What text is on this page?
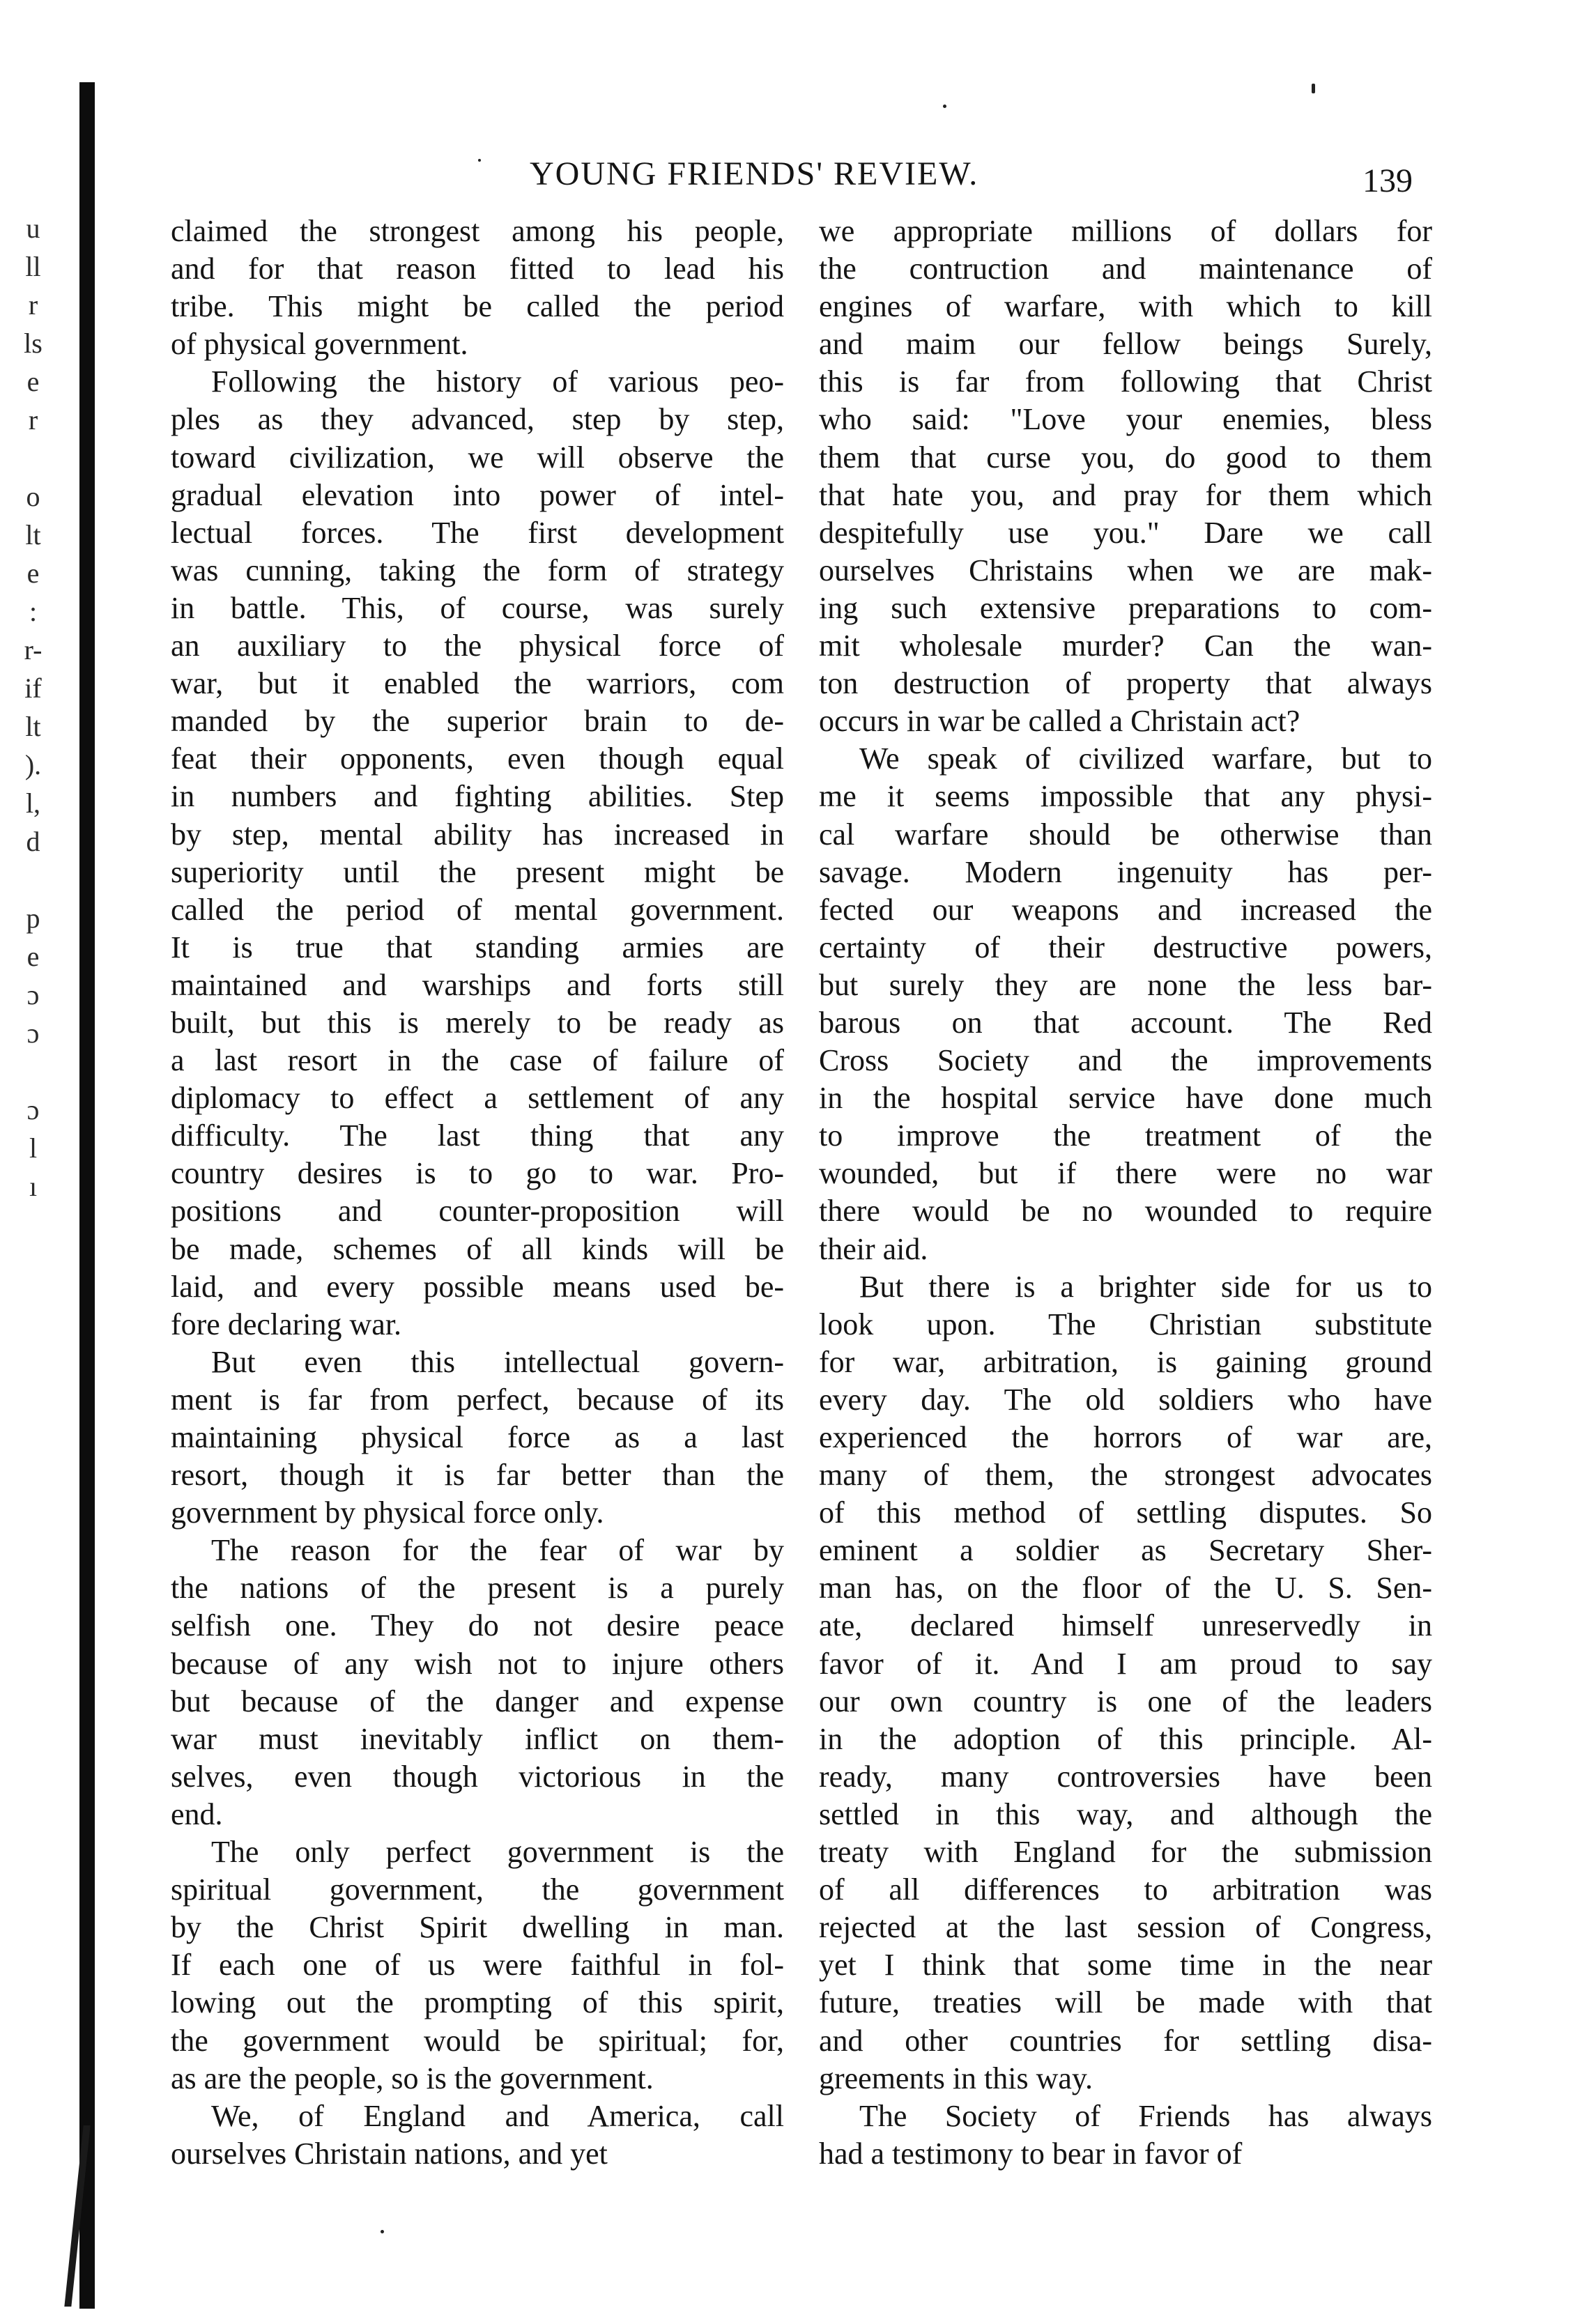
u
ll
r
ls
e
r
o
lt
e
:
r-
if
lt
).
l,
d
p
e
ɔ
ɔ
ɔ
l
ı
YOUNG FRIENDS' REVIEW.	139
claimed the strongest among his people,
and for that reason fitted to lead his
tribe. This might be called the period
of physical government.
Following the history of various peo-
ples as they advanced, step by step,
toward civilization, we will observe the
gradual elevation into power of intel-
lectual forces. The first development
was cunning, taking the form of strategy
in battle. This, of course, was surely
an auxiliary to the physical force of
war, but it enabled the warriors, com
manded by the superior brain to de-
feat their opponents, even though equal
in numbers and fighting abilities. Step
by step, mental ability has increased in
superiority until the present might be
called the period of mental government.
It is true that standing armies are
maintained and warships and forts still
built, but this is merely to be ready as
a last resort in the case of failure of
diplomacy to effect a settlement of any
difficulty. The last thing that any
country desires is to go to war. Pro-
positions and counter-proposition will
be made, schemes of all kinds will be
laid, and every possible means used be-
fore declaring war.
But even this intellectual govern-
ment is far from perfect, because of its
maintaining physical force as a last
resort, though it is far better than the
government by physical force only.
The reason for the fear of war by
the nations of the present is a purely
selfish one. They do not desire peace
because of any wish not to injure others
but because of the danger and expense
war must inevitably inflict on them-
selves, even though victorious in the
end.
The only perfect government is the
spiritual government, the government
by the Christ Spirit dwelling in man.
If each one of us were faithful in fol-
lowing out the prompting of this spirit,
the government would be spiritual; for,
as are the people, so is the government.
We, of England and America, call
ourselves Christain nations, and yet
we appropriate millions of dollars for
the contruction and maintenance of
engines of warfare, with which to kill
and maim our fellow beings Surely,
this is far from following that Christ
who said: "Love your enemies, bless
them that curse you, do good to them
that hate you, and pray for them which
despitefully use you." Dare we call
ourselves Christains when we are mak-
ing such extensive preparations to com-
mit wholesale murder? Can the wan-
ton destruction of property that always
occurs in war be called a Christain act?
We speak of civilized warfare, but to
me it seems impossible that any physi-
cal warfare should be otherwise than
savage. Modern ingenuity has per-
fected our weapons and increased the
certainty of their destructive powers,
but surely they are none the less bar-
barous on that account. The Red
Cross Society and the improvements
in the hospital service have done much
to improve the treatment of the
wounded, but if there were no war
there would be no wounded to require
their aid.
But there is a brighter side for us to
look upon. The Christian substitute
for war, arbitration, is gaining ground
every day. The old soldiers who have
experienced the horrors of war are,
many of them, the strongest advocates
of this method of settling disputes. So
eminent a soldier as Secretary Sher-
man has, on the floor of the U. S. Sen-
ate, declared himself unreservedly in
favor of it. And I am proud to say
our own country is one of the leaders
in the adoption of this principle. Al-
ready, many controversies have been
settled in this way, and although the
treaty with England for the submission
of all differences to arbitration was
rejected at the last session of Congress,
yet I think that some time in the near
future, treaties will be made with that
and other countries for settling disa-
greements in this way.
The Society of Friends has always
had a testimony to bear in favor of
